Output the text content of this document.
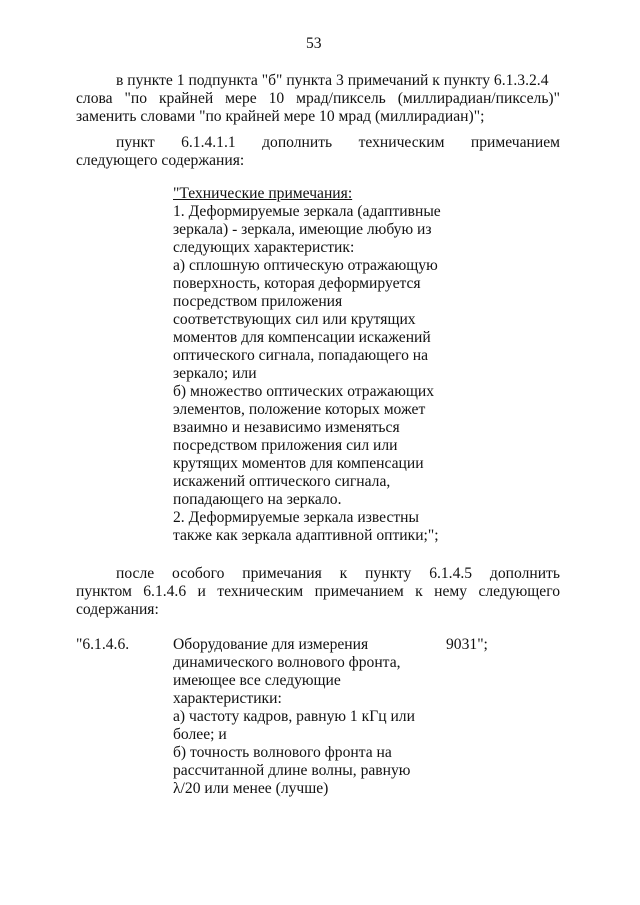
53
в пункте 1 подпункта "б" пункта 3 примечаний к пункту 6.1.3.2.4
слова "по крайней мере 10 мрад/пиксель (миллирадиан/пиксель)"
заменить словами "по крайней мере 10 мрад (миллирадиан)";
пункт 6.1.4.1.1 дополнить техническим примечанием
следующего содержания:
"Технические примечания:
1. Деформируемые зеркала (адаптивные
зеркала) - зеркала, имеющие любую из
следующих характеристик:
а) сплошную оптическую отражающую
поверхность, которая деформируется
посредством приложения
соответствующих сил или крутящих
моментов для компенсации искажений
оптического сигнала, попадающего на
зеркало; или
б) множество оптических отражающих
элементов, положение которых может
взаимно и независимо изменяться
посредством приложения сил или
крутящих моментов для компенсации
искажений оптического сигнала,
попадающего на зеркало.
2. Деформируемые зеркала известны
также как зеркала адаптивной оптики;";
после особого примечания к пункту 6.1.4.5 дополнить
пунктом 6.1.4.6 и техническим примечанием к нему следующего
содержания:
"6.1.4.6.	9031";
Оборудование для измерения
динамического волнового фронта,
имеющее все следующие
характеристики:
а) частоту кадров, равную 1 кГц или
более; и
б) точность волнового фронта на
рассчитанной длине волны, равную
λ/20 или менее (лучше)
